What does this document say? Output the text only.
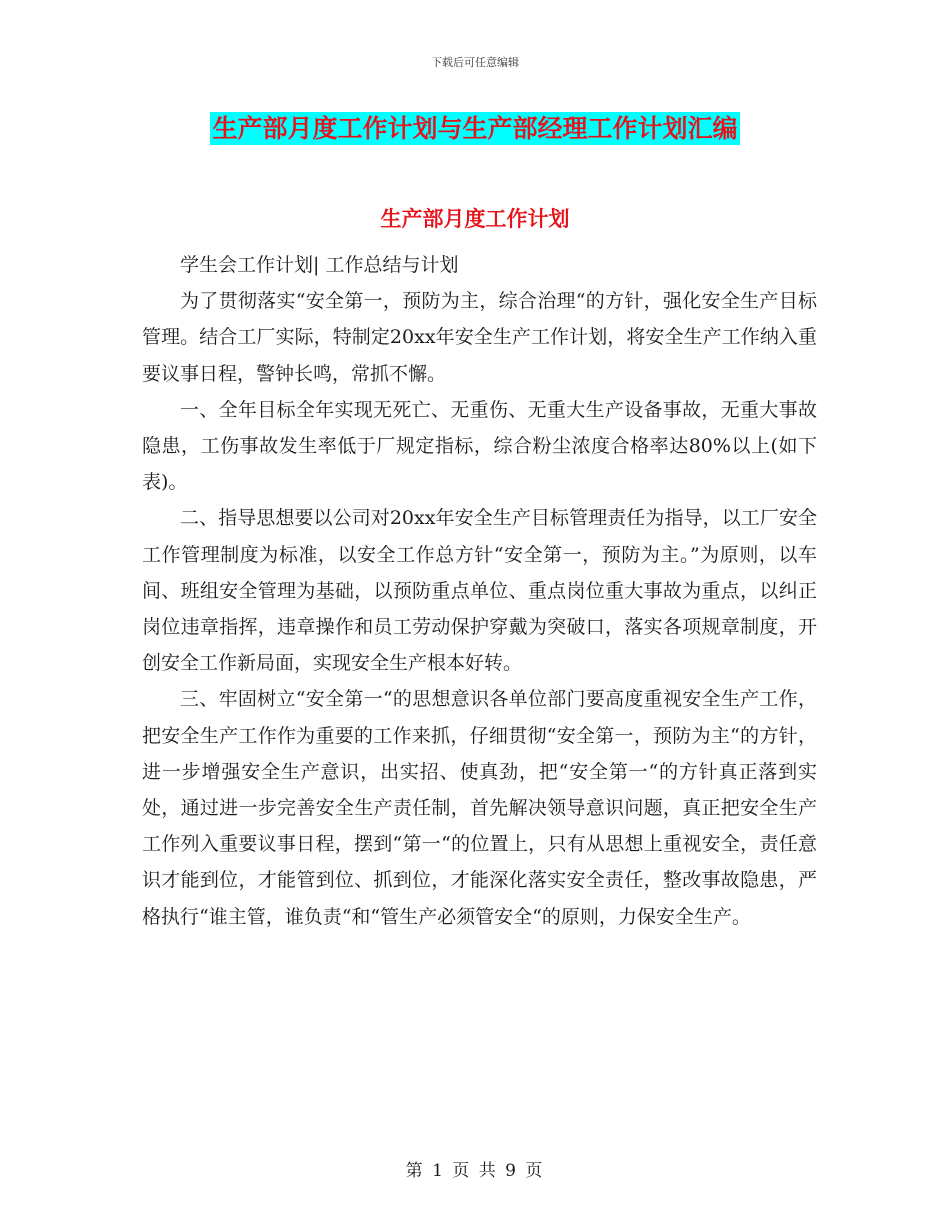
下载后可任意编辑
生产部月度工作计划与生产部经理工作计划汇编
生产部月度工作计划

学生会工作计划| 工作总结与计划

为了贯彻落实“安全第一，预防为主，综合治理“的方针，强化安全生产目标管理。结合工厂实际，特制定20xx年安全生产工作计划，将安全生产工作纳入重要议事日程，警钟长鸣，常抓不懈。

一、全年目标全年实现无死亡、无重伤、无重大生产设备事故，无重大事故隐患，工伤事故发生率低于厂规定指标，综合粉尘浓度合格率达80%以上(如下表)。

二、指导思想要以公司对20xx年安全生产目标管理责任为指导，以工厂安全工作管理制度为标准，以安全工作总方针“安全第一，预防为主。”为原则，以车间、班组安全管理为基础，以预防重点单位、重点岗位重大事故为重点，以纠正岗位违章指挥，违章操作和员工劳动保护穿戴为突破口，落实各项规章制度，开创安全工作新局面，实现安全生产根本好转。

三、牢固树立“安全第一“的思想意识各单位部门要高度重视安全生产工作，把安全生产工作作为重要的工作来抓，仔细贯彻“安全第一，预防为主“的方针，进一步增强安全生产意识，出实招、使真劲，把“安全第一“的方针真正落到实处，通过进一步完善安全生产责任制，首先解决领导意识问题，真正把安全生产工作列入重要议事日程，摆到“第一“的位置上，只有从思想上重视安全，责任意识才能到位，才能管到位、抓到位，才能深化落实安全责任，整改事故隐患，严格执行“谁主管，谁负责“和“管生产必须管安全“的原则，力保安全生产。

第 1 页 共 9 页
